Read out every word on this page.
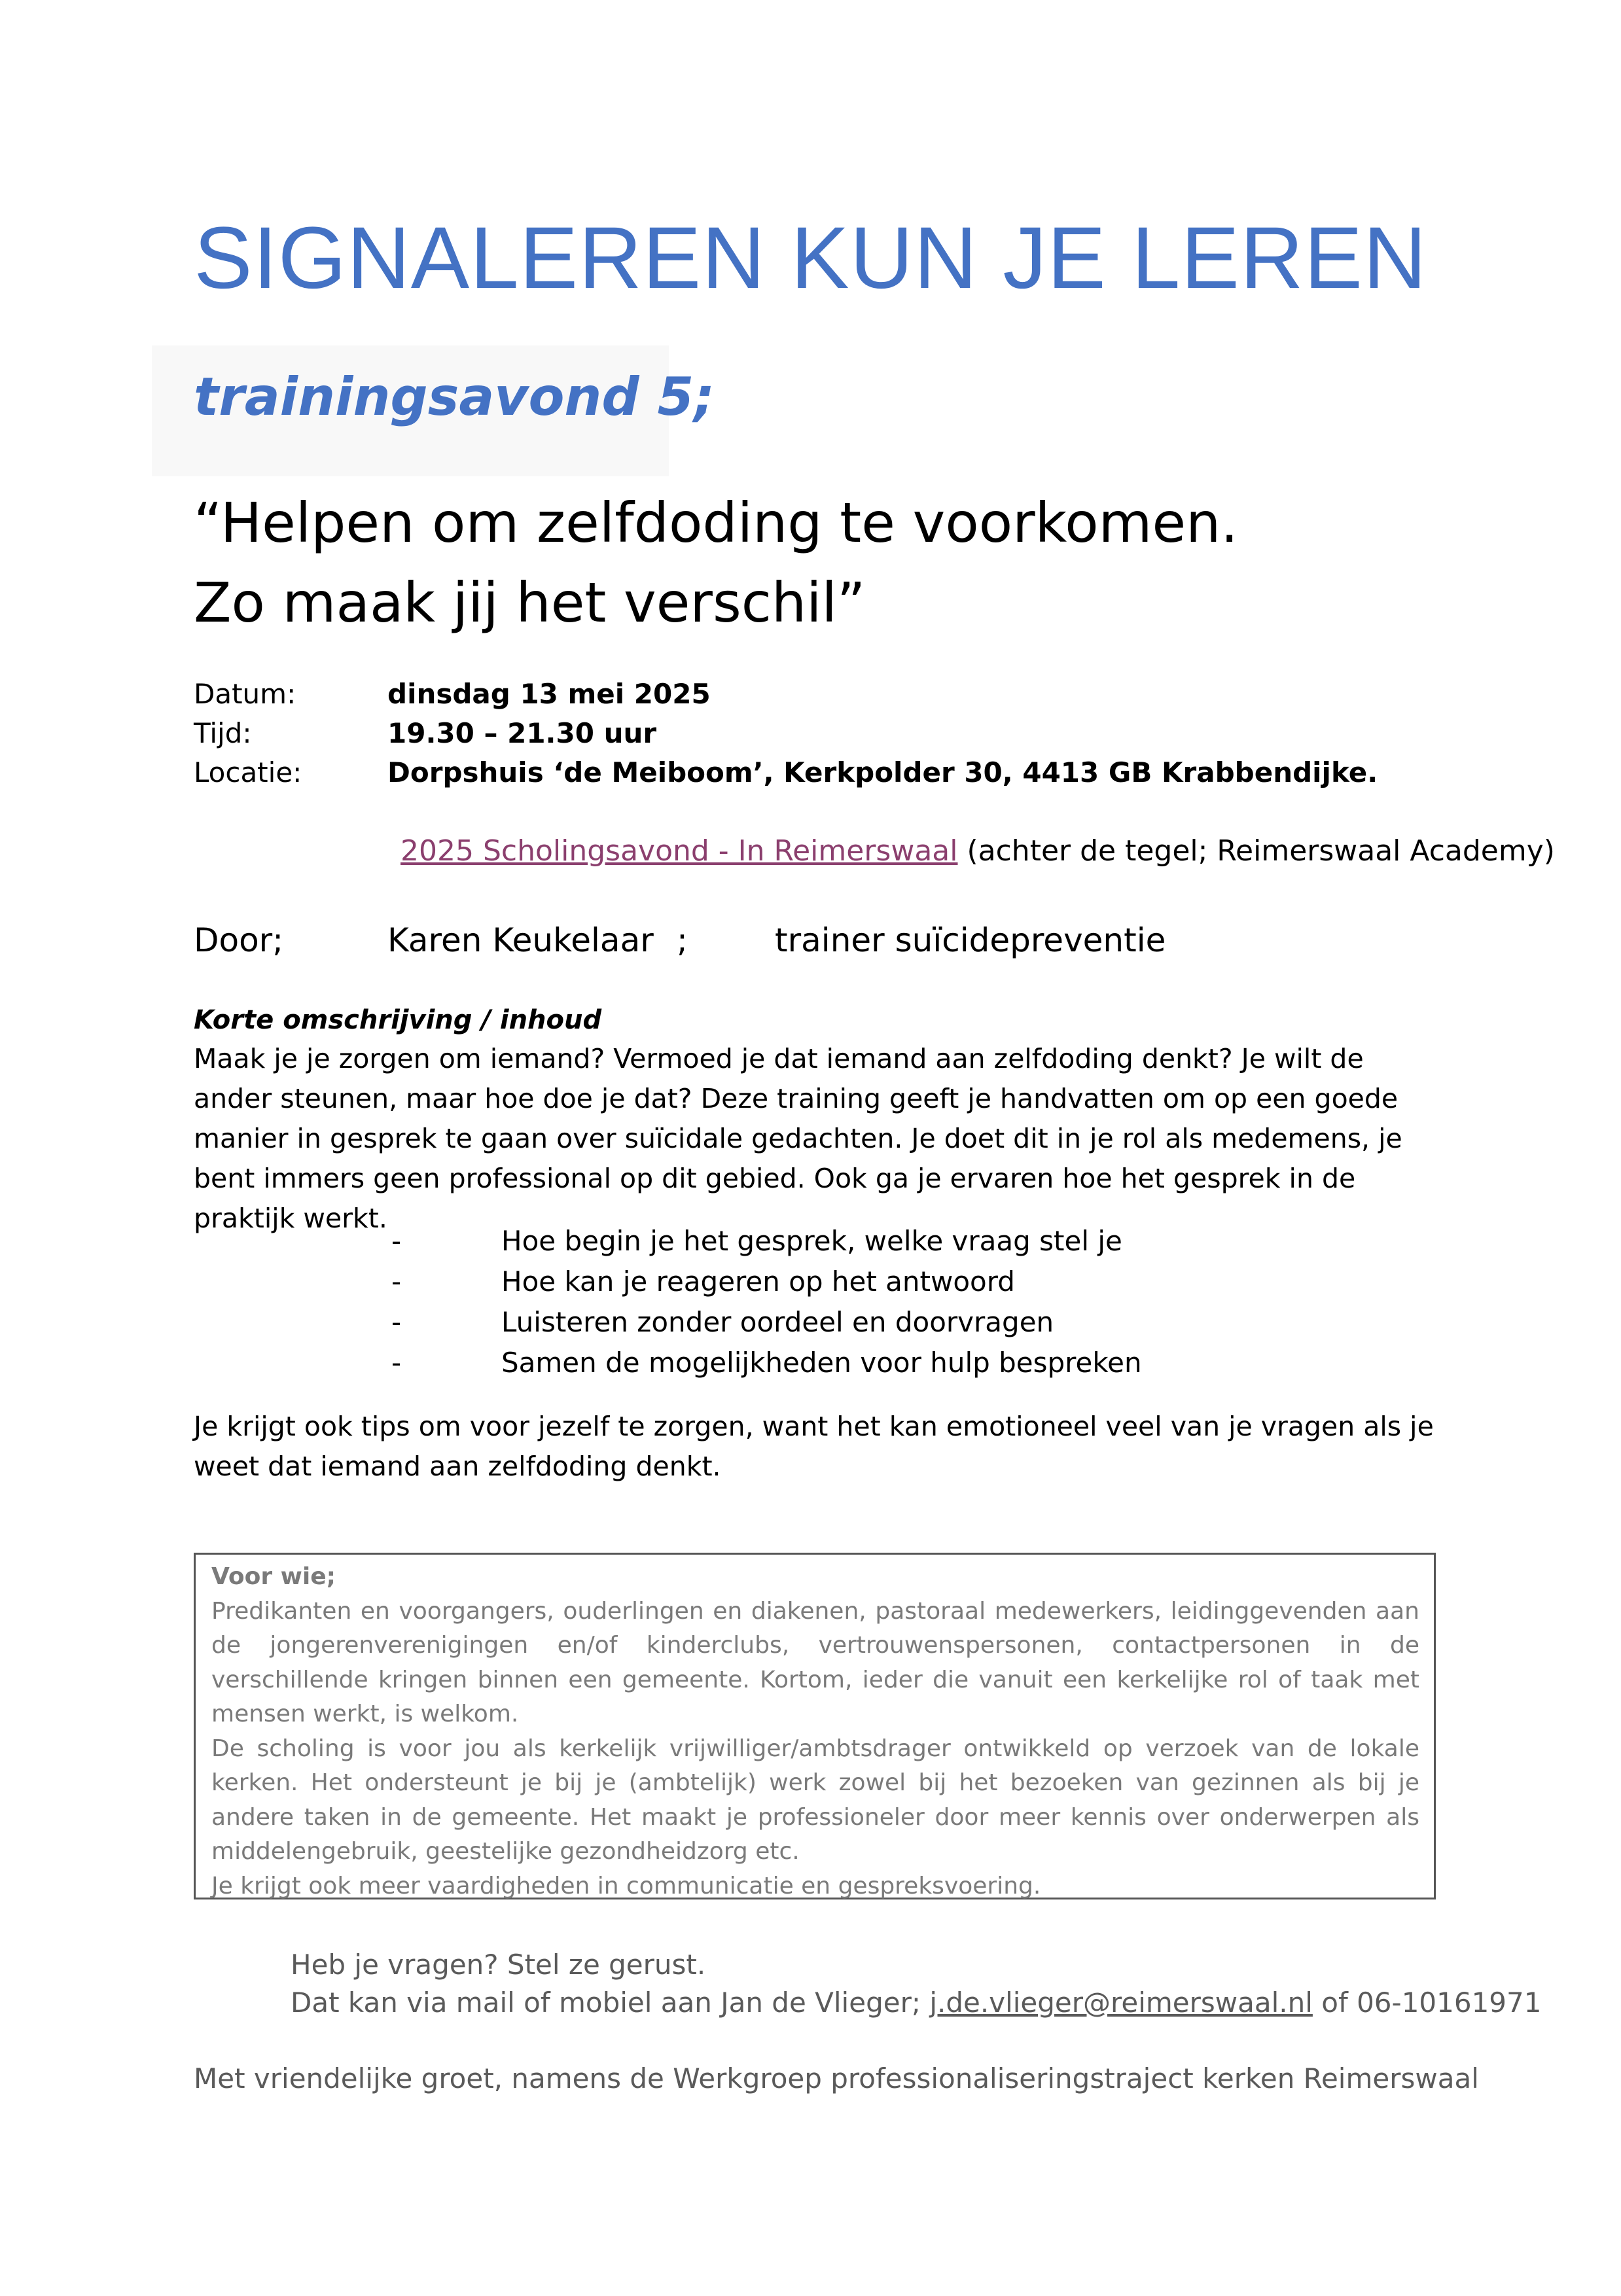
SIGNALEREN KUN JE LEREN
trainingsavond 5;
“Helpen om zelfdoding te voorkomen.
Zo maak jij het verschil”
Datum:	dinsdag 13 mei 2025
Tijd:	19.30 – 21.30 uur
Locatie:	Dorpshuis ‘de Meiboom’, Kerkpolder 30, 4413 GB Krabbendijke.
2025 Scholingsavond - In Reimerswaal (achter de tegel; Reimerswaal Academy)
Door;	Karen Keukelaar ;	trainer suïcidepreventie
Korte omschrijving / inhoud
Maak je je zorgen om iemand? Vermoed je dat iemand aan zelfdoding denkt? Je wilt de ander steunen, maar hoe doe je dat? Deze training geeft je handvatten om op een goede manier in gesprek te gaan over suïcidale gedachten. Je doet dit in je rol als medemens, je bent immers geen professional op dit gebied. Ook ga je ervaren hoe het gesprek in de praktijk werkt.
-	Hoe begin je het gesprek, welke vraag stel je
-	Hoe kan je reageren op het antwoord
-	Luisteren zonder oordeel en doorvragen
-	Samen de mogelijkheden voor hulp bespreken
Je krijgt ook tips om voor jezelf te zorgen, want het kan emotioneel veel van je vragen als je weet dat iemand aan zelfdoding denkt.

Voor wie;

Predikanten en voorgangers, ouderlingen en diakenen, pastoraal medewerkers, leidinggevenden aan de jongerenverenigingen en/of kinderclubs, vertrouwenspersonen, contactpersonen in de verschillende kringen binnen een gemeente. Kortom, ieder die vanuit een kerkelijke rol of taak met mensen werkt, is welkom.

De scholing is voor jou als kerkelijk vrijwilliger/ambtsdrager ontwikkeld op verzoek van de lokale kerken. Het ondersteunt je bij je (ambtelijk) werk zowel bij het bezoeken van gezinnen als bij je andere taken in de gemeente. Het maakt je professioneler door meer kennis over onderwerpen als middelengebruik, geestelijke gezondheidzorg etc.

Je krijgt ook meer vaardigheden in communicatie en gespreksvoering.

Heb je vragen? Stel ze gerust.
Dat kan via mail of mobiel aan Jan de Vlieger; j.de.vlieger@reimerswaal.nl of 06-10161971
Met vriendelijke groet, namens de Werkgroep professionaliseringstraject kerken Reimerswaal
